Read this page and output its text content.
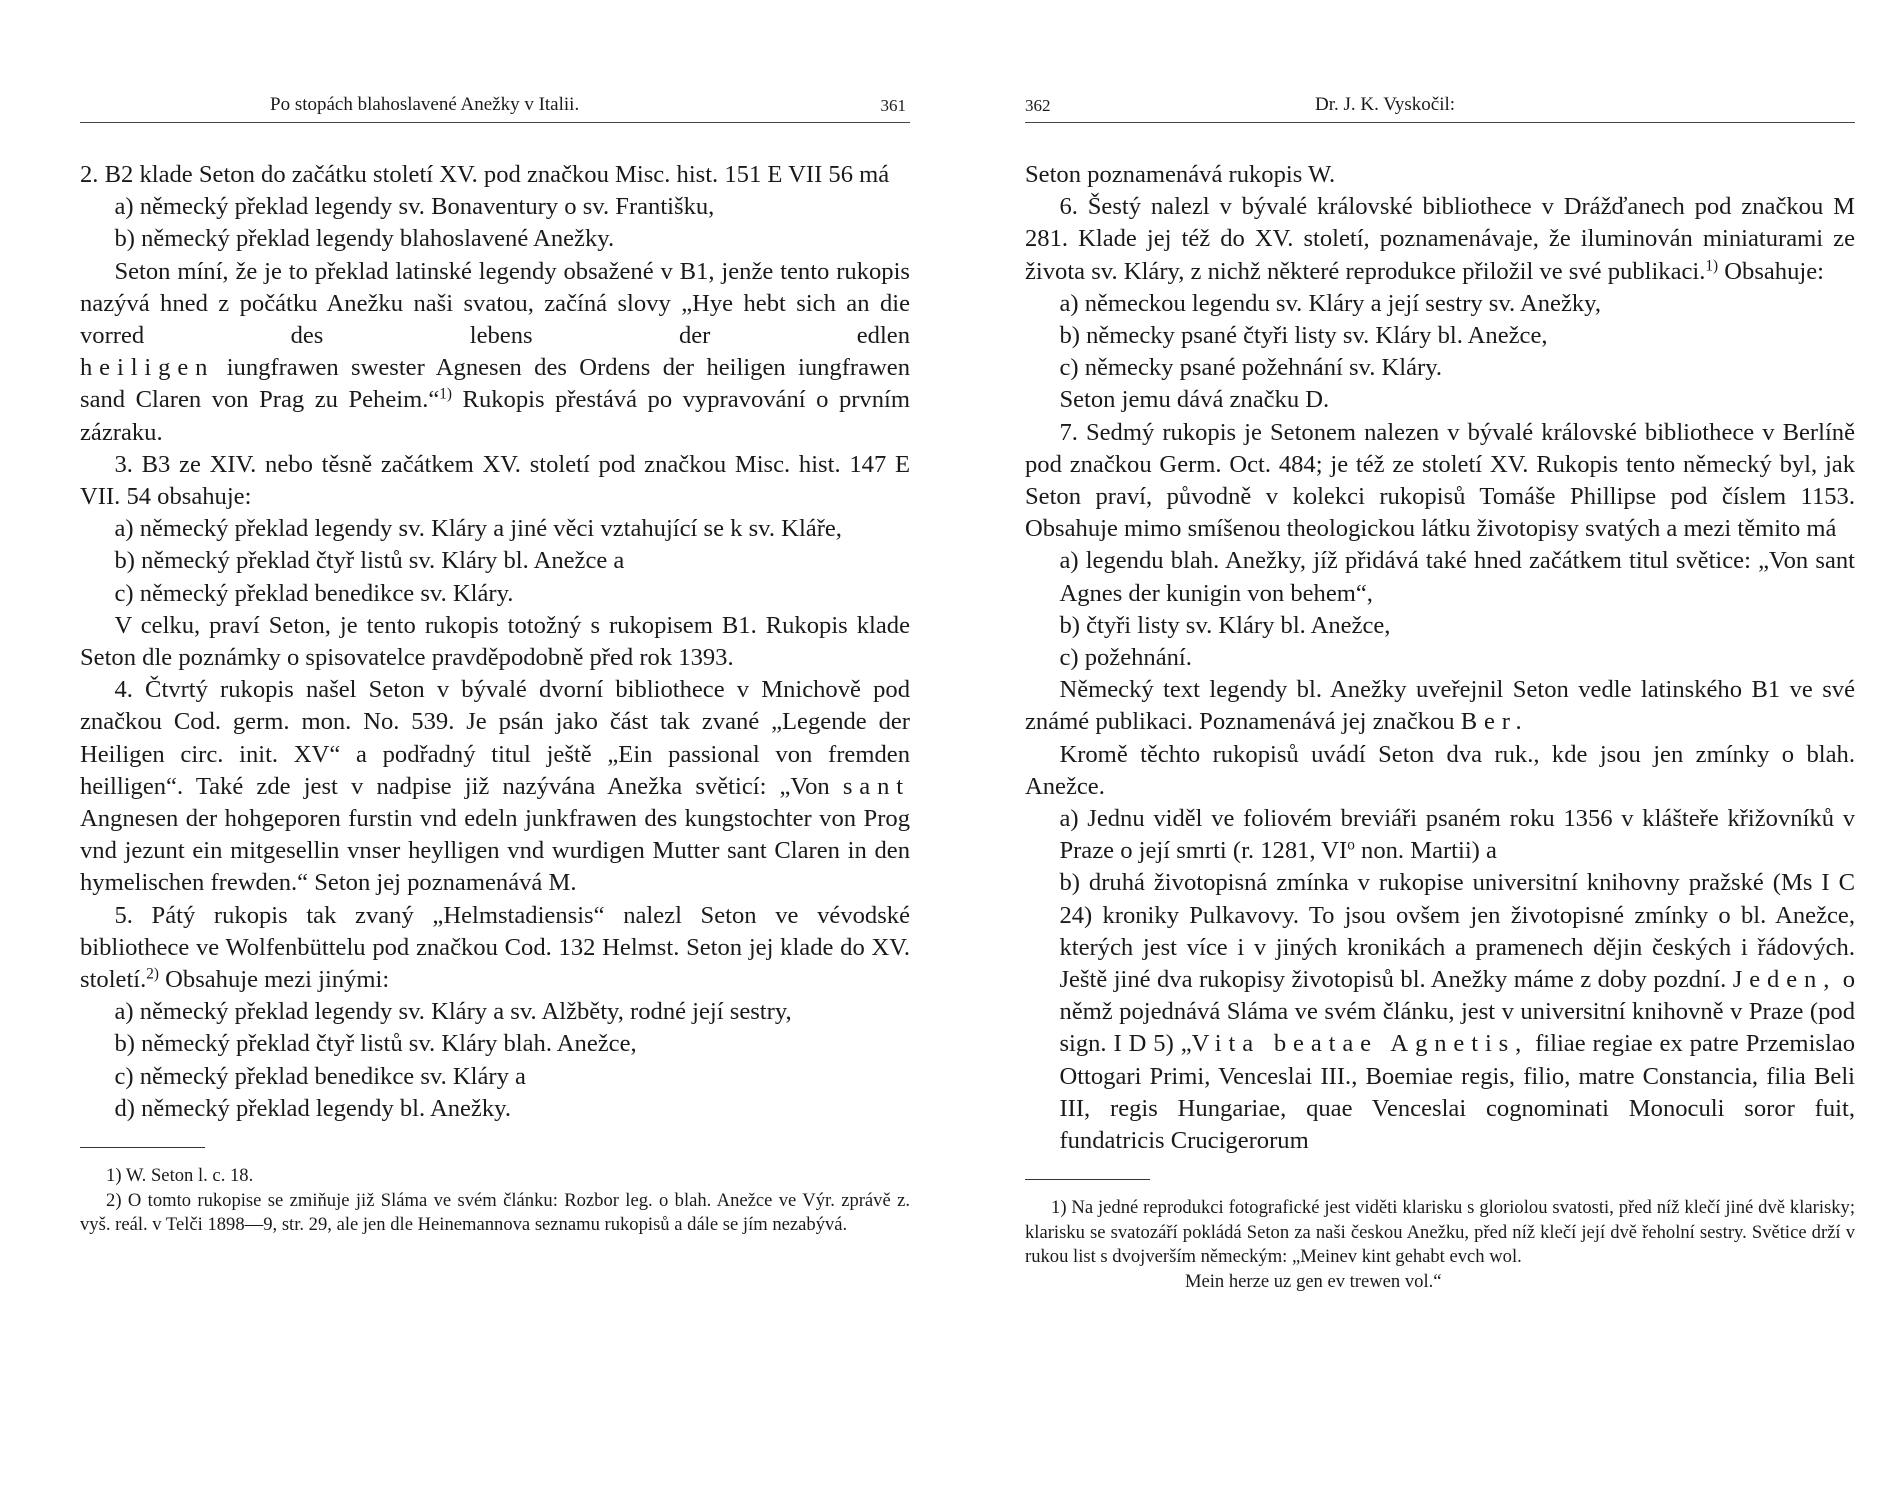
Po stopách blahoslavené Anežky v Italii.	361

2. B2 klade Seton do začátku století XV. pod značkou Misc. hist. 151 E VII 56 má

a) německý překlad legendy sv. Bonaventury o sv. Františku,

b) německý překlad legendy blahoslavené Anežky.

Seton míní, že je to překlad latinské legendy obsažené v B1, jenže tento rukopis nazývá hned z počátku Anežku naši svatou, začíná slovy „Hye hebt sich an die vorred des lebens der edlen

heiligen iungfrawen swester Agnesen des Ordens der heiligen iungfrawen sand Claren von Prag zu Peheim.“$^{1)}$ Rukopis přestává po vypravování o prvním zázraku.

3. B3 ze XIV. nebo těsně začátkem XV. století pod značkou Misc. hist. 147 E VII. 54 obsahuje:

a) německý překlad legendy sv. Kláry a jiné věci vztahující se k sv. Kláře,

b) německý překlad čtyř listů sv. Kláry bl. Anežce a

c) německý překlad benedikce sv. Kláry.

V celku, praví Seton, je tento rukopis totožný s rukopisem B1. Rukopis klade Seton dle poznámky o spisovatelce pravděpodobně před rok 1393.

4. Čtvrtý rukopis našel Seton v bývalé dvorní bibliothece v Mnichově pod značkou Cod. germ. mon. No. 539. Je psán jako část tak zvané „Legende der Heiligen circ. init. XV“ a podřadný titul ještě „Ein passional von fremden heilligen“. Také zde jest v nadpise již nazývána Anežka světicí: „Von sant Angnesen der hohgeporen furstin vnd edeln junkfrawen des kungstochter von Prog vnd jezunt ein mitgesellin vnser heylligen vnd wurdigen Mutter sant Claren in den hymelischen frewden.“ Seton jej poznamenává M.

5. Pátý rukopis tak zvaný „Helmstadiensis“ nalezl Seton ve vévodské bibliothece ve Wolfenbüttelu pod značkou Cod. 132 Helmst. Seton jej klade do XV. století.$^{2)}$ Obsahuje mezi jinými:

a) německý překlad legendy sv. Kláry a sv. Alžběty, rodné její sestry,

b) německý překlad čtyř listů sv. Kláry blah. Anežce,

c) německý překlad benedikce sv. Kláry a

d) německý překlad legendy bl. Anežky.

1) W. Seton l. c. 18.

2) O tomto rukopise se zmiňuje již Sláma ve svém článku: Rozbor leg. o blah. Anežce ve Výr. zprávě z. vyš. reál. v Telči 1898—9, str. 29, ale jen dle Heinemannova seznamu rukopisů a dále se jím nezabývá.

362	Dr. J. K. Vyskočil:

Seton poznamenává rukopis W.

6. Šestý nalezl v bývalé královské bibliothece v Drážďanech pod značkou M 281. Klade jej též do XV. století, poznamenávaje, že iluminován miniaturami ze života sv. Kláry, z nichž některé reprodukce přiložil ve své publikaci.$^{1)}$ Obsahuje:

a) německou legendu sv. Kláry a její sestry sv. Anežky,

b) německy psané čtyři listy sv. Kláry bl. Anežce,

c) německy psané požehnání sv. Kláry.

Seton jemu dává značku D.

7. Sedmý rukopis je Setonem nalezen v bývalé královské bibliothece v Berlíně pod značkou Germ. Oct. 484; je též ze století XV. Rukopis tento německý byl, jak Seton praví, původně v kolekci rukopisů Tomáše Phillipse pod číslem 1153. Obsahuje mimo smíšenou theologickou látku životopisy svatých a mezi těmito má

a) legendu blah. Anežky, jíž přidává také hned začátkem titul světice: „Von sant Agnes der kunigin von behem“,

b) čtyři listy sv. Kláry bl. Anežce,

c) požehnání.

Německý text legendy bl. Anežky uveřejnil Seton vedle latinského B1 ve své známé publikaci. Poznamenává jej značkou Ber.

Kromě těchto rukopisů uvádí Seton dva ruk., kde jsou jen zmínky o blah. Anežce.

a) Jednu viděl ve foliovém breviáři psaném roku 1356 v klášteře křižovníků v Praze o její smrti (r. 1281, $VI^o$ non. Martii) a

b) druhá životopisná zmínka v rukopise universitní knihovny pražské (Ms I C 24) kroniky Pulkavovy. To jsou ovšem jen životopisné zmínky o bl. Anežce, kterých jest více i v jiných kronikách a pramenech dějin českých i řádových. Ještě jiné dva rukopisy životopisů bl. Anežky máme z doby pozdní. Jeden, o němž pojednává Sláma ve svém článku, jest v universitní knihovně v Praze (pod sign. I D 5) „Vita beatae Agnetis, filiae regiae ex patre Przemislao Ottogari Primi, Venceslai III., Boemiae regis, filio, matre Constancia, filia Beli III, regis Hungariae, quae Venceslai cognominati Monoculi soror fuit, fundatricis Crucigerorum

1) Na jedné reprodukci fotografické jest viděti klarisku s gloriolou svatosti, před níž klečí jiné dvě klarisky; klarisku se svatozáří pokládá Seton za naši českou Anežku, před níž klečí její dvě řeholní sestry. Světice drží v rukou list s dvojverším německým: „Meinev kint gehabt evch wol.

Mein herze uz gen ev trewen vol.“
